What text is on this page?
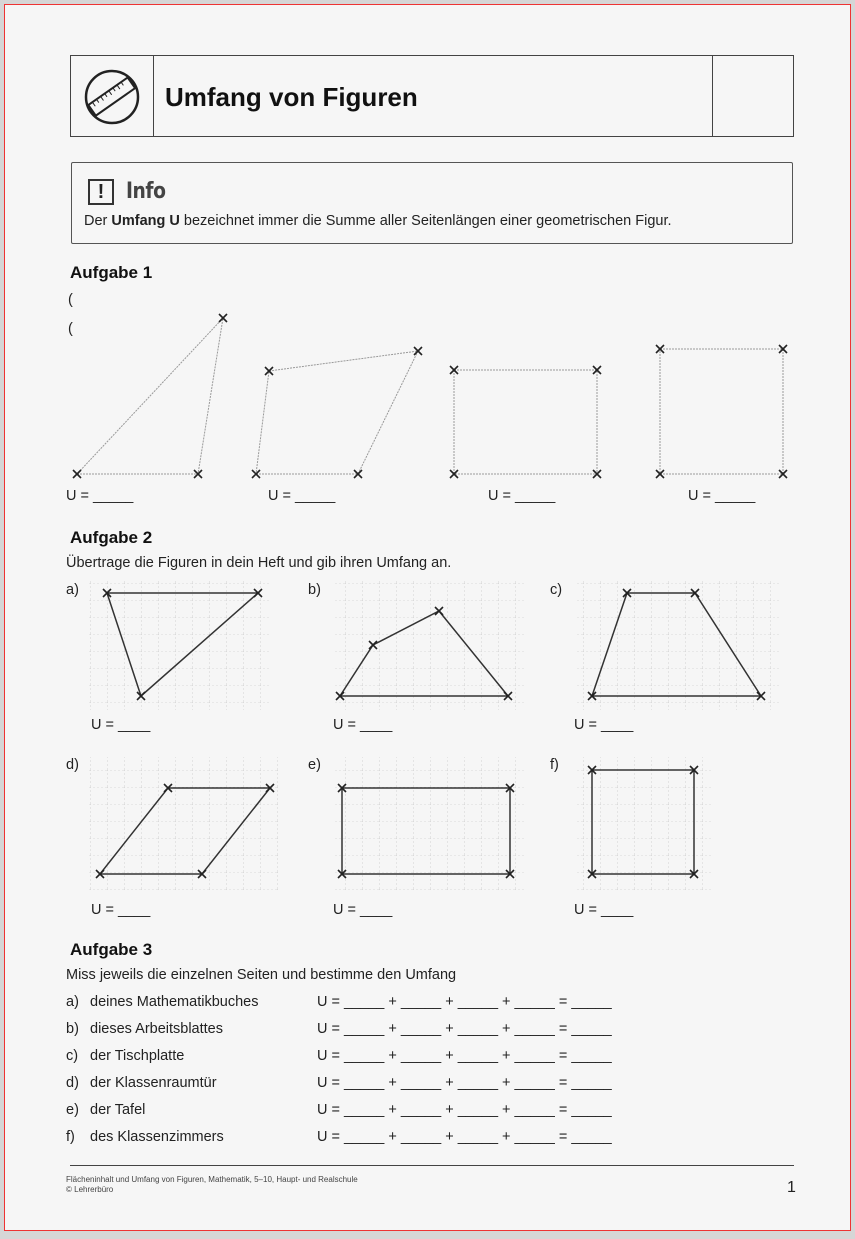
Umfang von Figuren
! Info
Der Umfang U bezeichnet immer die Summe aller Seitenlängen einer geometrischen Figur.
Aufgabe 1
(
(
U = _____	U = _____	U = _____	U = _____
Aufgabe 2
Übertrage die Figuren in dein Heft und gib ihren Umfang an.
a)	b)	c)
d)	e)	f)
U = ____	U = ____	U = ____
U = ____	U = ____	U = ____
Aufgabe 3
Miss jeweils die einzelnen Seiten und bestimme den Umfang
a) deines Mathematikbuches	U = _____ + _____ + _____ + _____ = _____
b) dieses Arbeitsblattes	U = _____ + _____ + _____ + _____ = _____
c) der Tischplatte	U = _____ + _____ + _____ + _____ = _____
d) der Klassenraumtür	U = _____ + _____ + _____ + _____ = _____
e) der Tafel	U = _____ + _____ + _____ + _____ = _____
f) des Klassenzimmers	U = _____ + _____ + _____ + _____ = _____
Flächeninhalt und Umfang von Figuren, Mathematik, 5–10, Haupt- und Realschule
© Lehrerbüro	1
